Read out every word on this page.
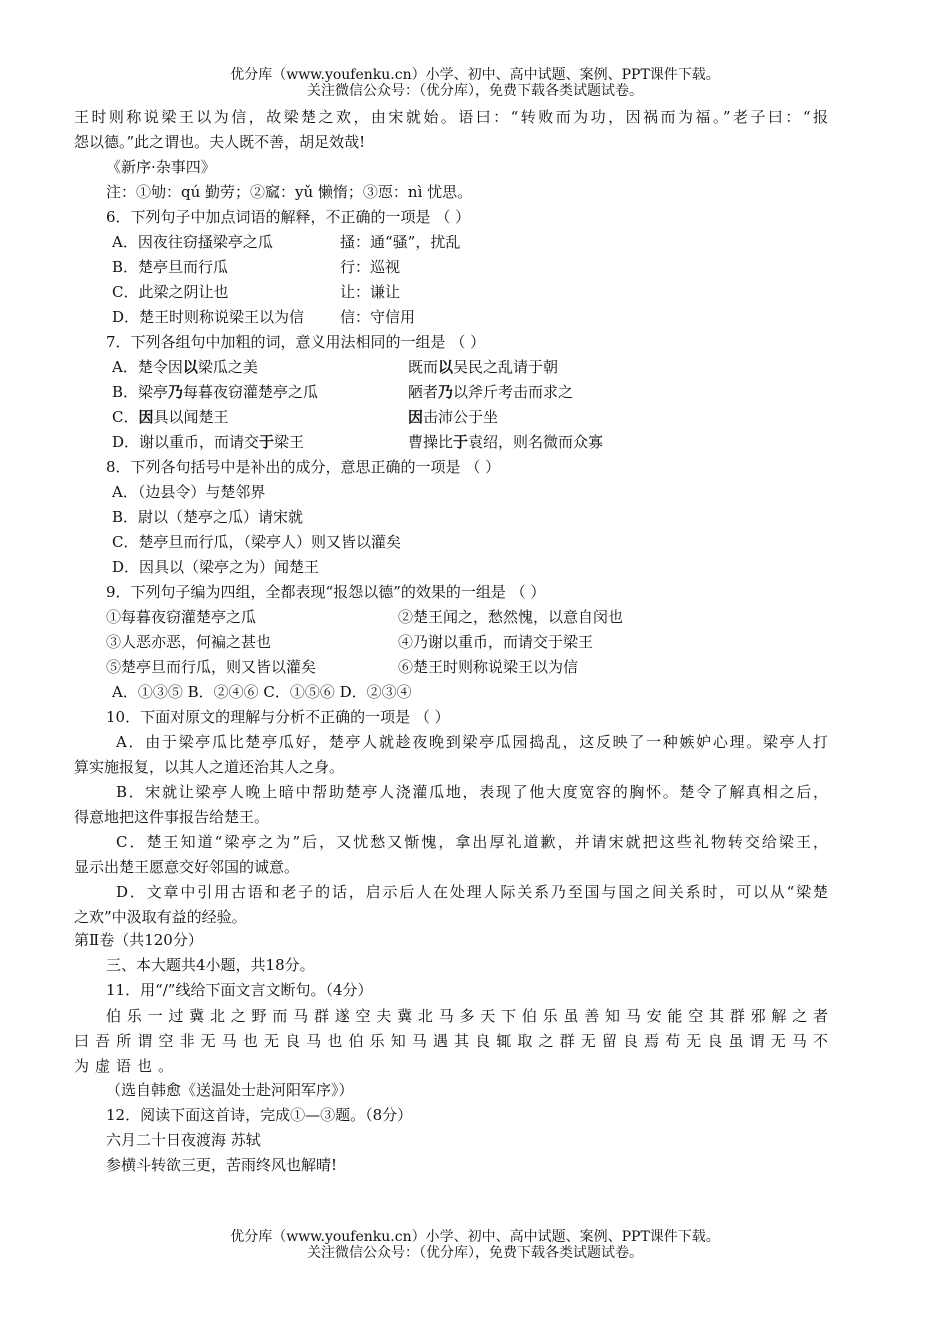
优分库（www.youfenku.cn）小学、初中、高中试题、案例、PPT课件下载。
关注微信公众号：（优分库），免费下载各类试题试卷。
王时则称说梁王以为信，故梁楚之欢，由宋就始。语曰：“转败而为功，因祸而为福。”老子曰：“报
怨以德。”此之谓也。夫人既不善，胡足效哉!
《新序·杂事四》
注：①劬：qú 勤劳；②窳：yǔ 懒惰；③恧：nì 忧思。
6．下列句子中加点词语的解释，不正确的一项是 （ ）
A．因夜往窃搔梁亭之瓜	搔：通“骚”，扰乱
B．楚亭旦而行瓜	行：巡视
C．此梁之阴让也	让：谦让
D．楚王时则称说梁王以为信 信：守信用
7．下列各组句中加粗的词，意义用法相同的一组是 （ ）
A．楚令因以梁瓜之美	既而以吴民之乱请于朝
B．梁亭乃每暮夜窃灌楚亭之瓜	陋者乃以斧斤考击而求之
C．因具以闻楚王	因击沛公于坐
D．谢以重币，而请交于梁王	曹操比于袁绍，则名微而众寡
8．下列各句括号中是补出的成分，意思正确的一项是 （ ）
A．（边县令）与楚邻界
B．尉以（楚亭之瓜）请宋就
C．楚亭旦而行瓜，（梁亭人）则又皆以灌矣
D．因具以（梁亭之为）闻楚王
9．下列句子编为四组，全都表现“报怨以德”的效果的一组是 （ ）
①每暮夜窃灌楚亭之瓜	②楚王闻之，愁然愧，以意自闵也
③人恶亦恶，何褊之甚也	④乃谢以重币，而请交于梁王
⑤楚亭旦而行瓜，则又皆以灌矣	⑥楚王时则称说梁王以为信
A．①③⑤ B．②④⑥ C．①⑤⑥ D．②③④
10．下面对原文的理解与分析不正确的一项是 （ ）
A．由于梁亭瓜比楚亭瓜好，楚亭人就趁夜晚到梁亭瓜园捣乱，这反映了一种嫉妒心理。梁亭人打
算实施报复，以其人之道还治其人之身。
B．宋就让梁亭人晚上暗中帮助楚亭人浇灌瓜地，表现了他大度宽容的胸怀。楚令了解真相之后，
得意地把这件事报告给楚王。
C．楚王知道“梁亭之为”后，又忧愁又惭愧，拿出厚礼道歉，并请宋就把这些礼物转交给梁王，
显示出楚王愿意交好邻国的诚意。
D．文章中引用古语和老子的话，启示后人在处理人际关系乃至国与国之间关系时，可以从“梁楚
之欢”中汲取有益的经验。
第Ⅱ卷（共120分）
三、本大题共4小题，共18分。
11．用“/”线给下面文言文断句。（4分）
伯乐一过冀北之野而马群遂空夫冀北马多天下伯乐虽善知马安能空其群邪解之者
曰吾所谓空非无马也无良马也伯乐知马遇其良辄取之群无留良焉苟无良虽谓无马不
为虚语也。
（选自韩愈《送温处士赴河阳军序》）
12．阅读下面这首诗，完成①—③题。（8分）
六月二十日夜渡海 苏轼
参横斗转欲三更，苦雨终风也解晴!
优分库（www.youfenku.cn）小学、初中、高中试题、案例、PPT课件下载。
关注微信公众号：（优分库），免费下载各类试题试卷。
